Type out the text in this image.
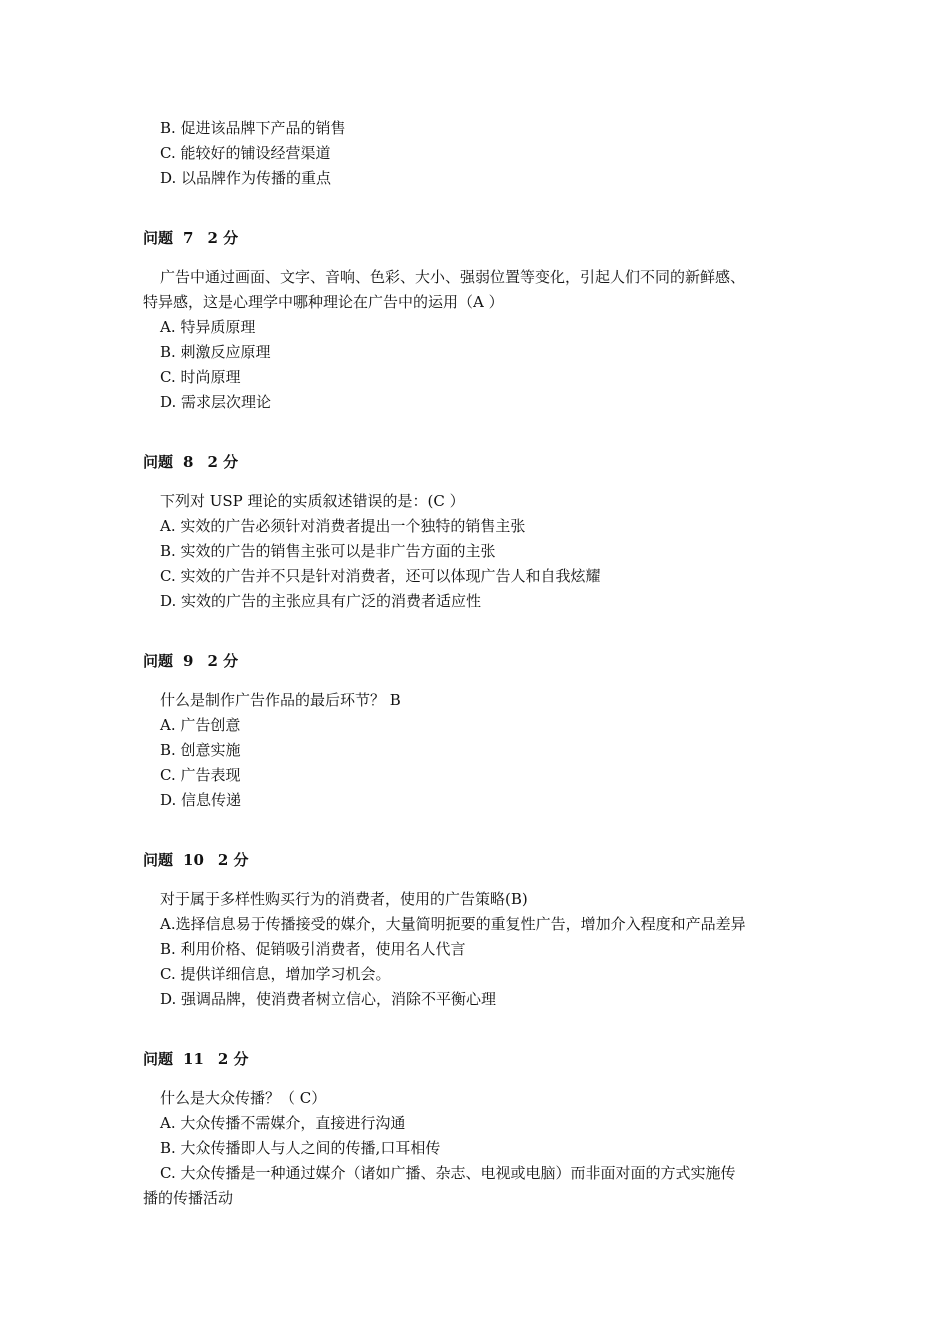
B. 促进该品牌下产品的销售
C. 能较好的铺设经营渠道
D. 以品牌作为传播的重点
问题 7 2 分
广告中通过画面、文字、音响、色彩、大小、强弱位置等变化，引起人们不同的新鲜感、
特异感，这是心理学中哪种理论在广告中的运用（A ）
A. 特异质原理
B. 刺激反应原理
C. 时尚原理
D. 需求层次理论
问题 8 2 分
下列对 USP 理论的实质叙述错误的是：(C ）
A. 实效的广告必须针对消费者提出一个独特的销售主张
B. 实效的广告的销售主张可以是非广告方面的主张
C. 实效的广告并不只是针对消费者，还可以体现广告人和自我炫耀
D. 实效的广告的主张应具有广泛的消费者适应性
问题 9 2 分
什么是制作广告作品的最后环节？ B
A. 广告创意
B. 创意实施
C. 广告表现
D. 信息传递
问题 10 2 分
对于属于多样性购买行为的消费者，使用的广告策略(B)
A.选择信息易于传播接受的媒介，大量简明扼要的重复性广告，增加介入程度和产品差异
B. 利用价格、促销吸引消费者，使用名人代言
C. 提供详细信息，增加学习机会。
D. 强调品牌，使消费者树立信心，消除不平衡心理
问题 11 2 分
什么是大众传播？（ C）
A. 大众传播不需媒介，直接进行沟通
B. 大众传播即人与人之间的传播,口耳相传
C. 大众传播是一种通过媒介（诸如广播、杂志、电视或电脑）而非面对面的方式实施传
播的传播活动
